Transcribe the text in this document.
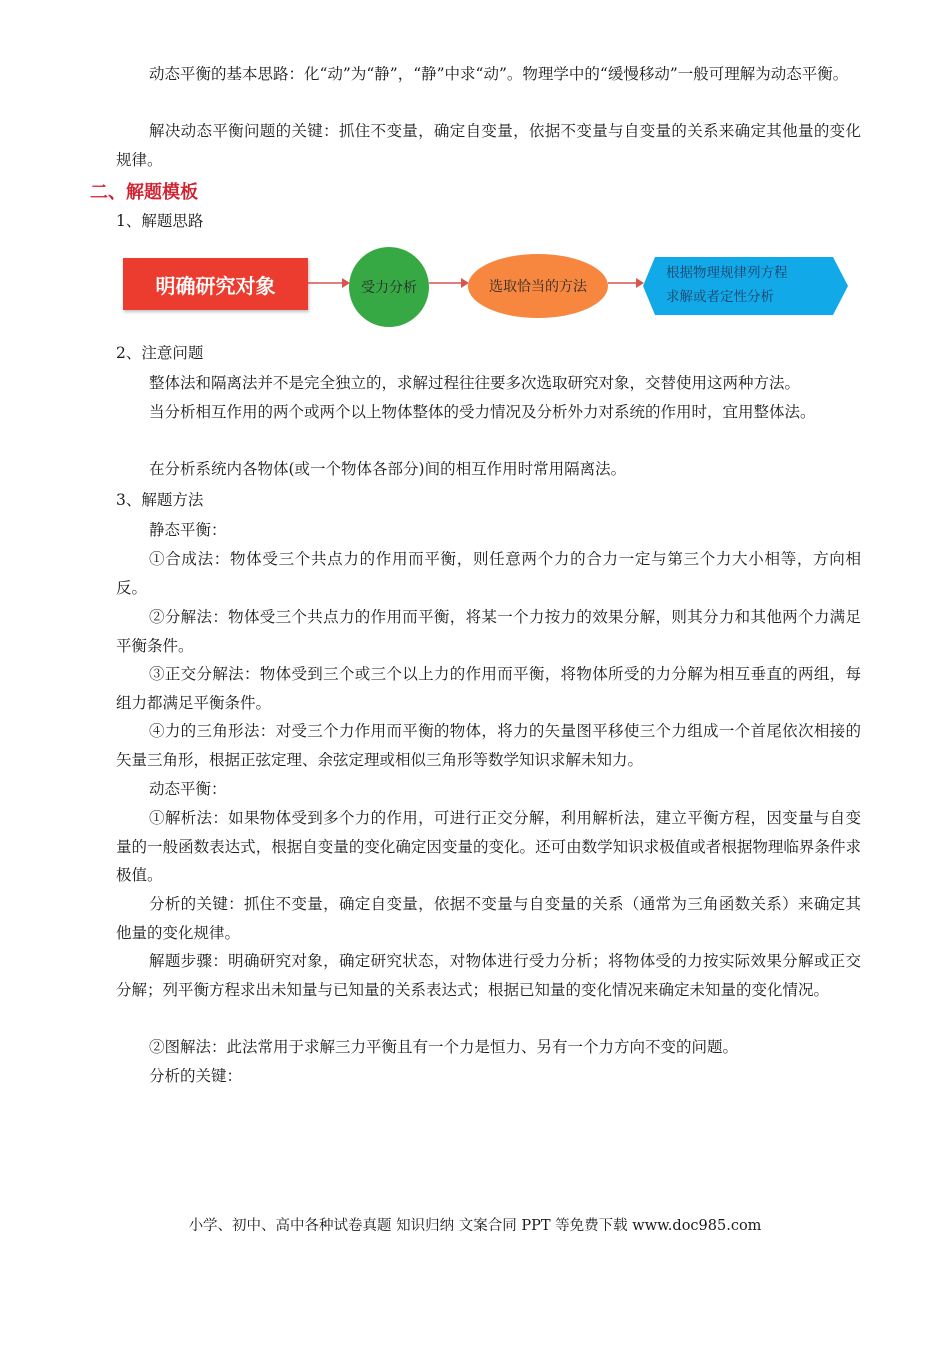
动态平衡的基本思路：化“动”为“静”，“静”中求“动”。物理学中的“缓慢移动”一般可理解为动态平衡。
解决动态平衡问题的关键：抓住不变量，确定自变量，依据不变量与自变量的关系来确定其他量的变化规律。
二、解题模板
1、解题思路
明确研究对象	受力分析	选取恰当的方法
根据物理规律列方程
求解或者定性分析
2、注意问题
整体法和隔离法并不是完全独立的，求解过程往往要多次选取研究对象，交替使用这两种方法。
当分析相互作用的两个或两个以上物体整体的受力情况及分析外力对系统的作用时，宜用整体法。
在分析系统内各物体(或一个物体各部分)间的相互作用时常用隔离法。
3、解题方法
静态平衡：
①合成法：物体受三个共点力的作用而平衡，则任意两个力的合力一定与第三个力大小相等，方向相反。
②分解法：物体受三个共点力的作用而平衡，将某一个力按力的效果分解，则其分力和其他两个力满足平衡条件。
③正交分解法：物体受到三个或三个以上力的作用而平衡，将物体所受的力分解为相互垂直的两组，每组力都满足平衡条件。
④力的三角形法：对受三个力作用而平衡的物体，将力的矢量图平移使三个力组成一个首尾依次相接的矢量三角形，根据正弦定理、余弦定理或相似三角形等数学知识求解未知力。
动态平衡：
①解析法：如果物体受到多个力的作用，可进行正交分解，利用解析法，建立平衡方程，因变量与自变量的一般函数表达式，根据自变量的变化确定因变量的变化。还可由数学知识求极值或者根据物理临界条件求极值。
分析的关键：抓住不变量，确定自变量，依据不变量与自变量的关系（通常为三角函数关系）来确定其他量的变化规律。
解题步骤：明确研究对象，确定研究状态，对物体进行受力分析；将物体受的力按实际效果分解或正交分解；列平衡方程求出未知量与已知量的关系表达式；根据已知量的变化情况来确定未知量的变化情况。
②图解法：此法常用于求解三力平衡且有一个力是恒力、另有一个力方向不变的问题。
分析的关键：
小学、初中、高中各种试卷真题 知识归纳 文案合同 PPT 等免费下载 www.doc985.com
